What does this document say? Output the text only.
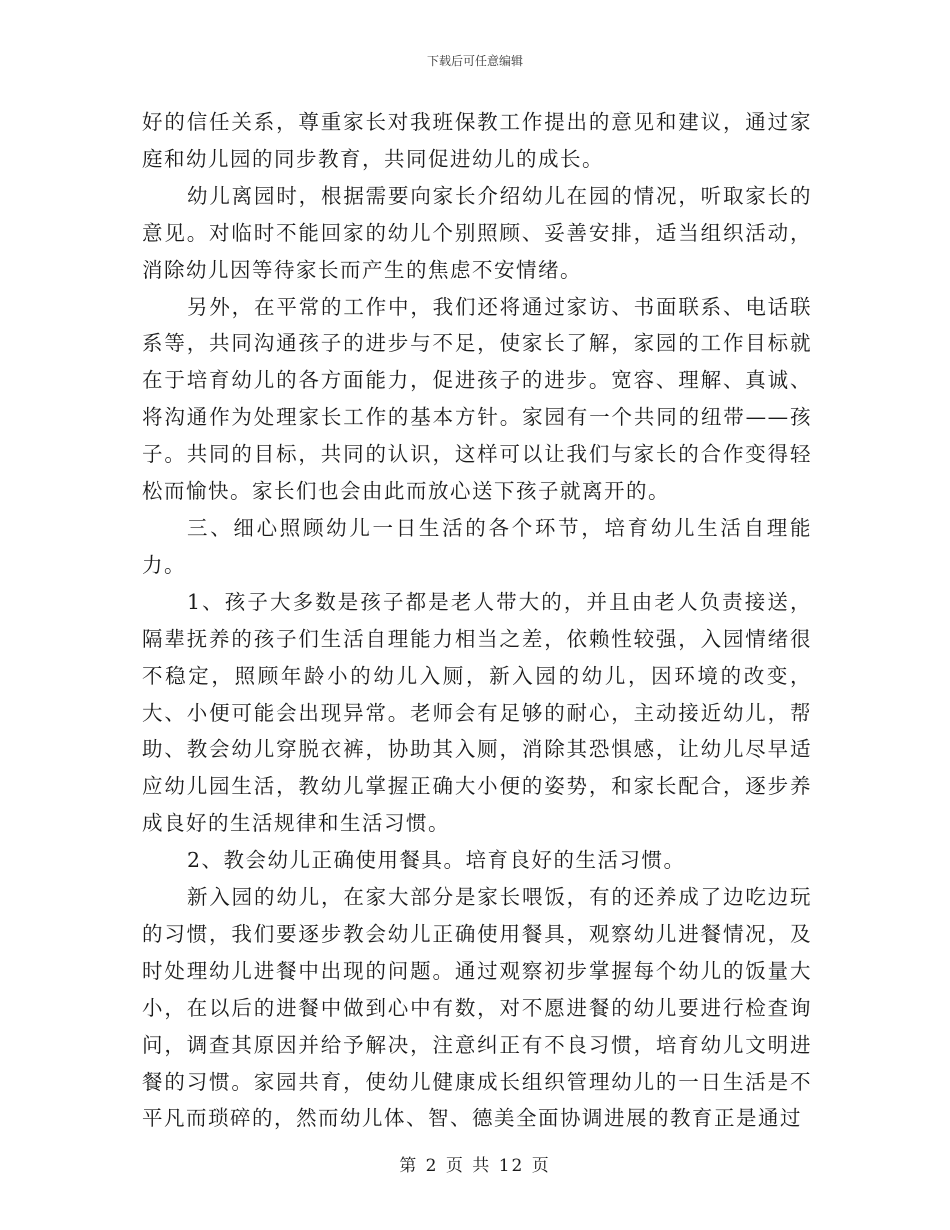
下载后可任意编辑

好的信任关系，尊重家长对我班保教工作提出的意见和建议，通过家庭和幼儿园的同步教育，共同促进幼儿的成长。

幼儿离园时，根据需要向家长介绍幼儿在园的情况，听取家长的意见。对临时不能回家的幼儿个别照顾、妥善安排，适当组织活动，消除幼儿因等待家长而产生的焦虑不安情绪。

另外，在平常的工作中，我们还将通过家访、书面联系、电话联系等，共同沟通孩子的进步与不足，使家长了解，家园的工作目标就在于培育幼儿的各方面能力，促进孩子的进步。宽容、理解、真诚、将沟通作为处理家长工作的基本方针。家园有一个共同的纽带——孩子。共同的目标，共同的认识，这样可以让我们与家长的合作变得轻松而愉快。家长们也会由此而放心送下孩子就离开的。

三、细心照顾幼儿一日生活的各个环节，培育幼儿生活自理能力。

1、孩子大多数是孩子都是老人带大的，并且由老人负责接送，隔辈抚养的孩子们生活自理能力相当之差，依赖性较强，入园情绪很不稳定，照顾年龄小的幼儿入厕，新入园的幼儿，因环境的改变，大、小便可能会出现异常。老师会有足够的耐心，主动接近幼儿，帮助、教会幼儿穿脱衣裤，协助其入厕，消除其恐惧感，让幼儿尽早适应幼儿园生活，教幼儿掌握正确大小便的姿势，和家长配合，逐步养成良好的生活规律和生活习惯。

2、教会幼儿正确使用餐具。培育良好的生活习惯。

新入园的幼儿，在家大部分是家长喂饭，有的还养成了边吃边玩的习惯，我们要逐步教会幼儿正确使用餐具，观察幼儿进餐情况，及时处理幼儿进餐中出现的问题。通过观察初步掌握每个幼儿的饭量大小，在以后的进餐中做到心中有数，对不愿进餐的幼儿要进行检查询问，调查其原因并给予解决，注意纠正有不良习惯，培育幼儿文明进餐的习惯。家园共育，使幼儿健康成长组织管理幼儿的一日生活是不平凡而琐碎的，然而幼儿体、智、德美全面协调进展的教育正是通过

第 2 页 共 12 页
